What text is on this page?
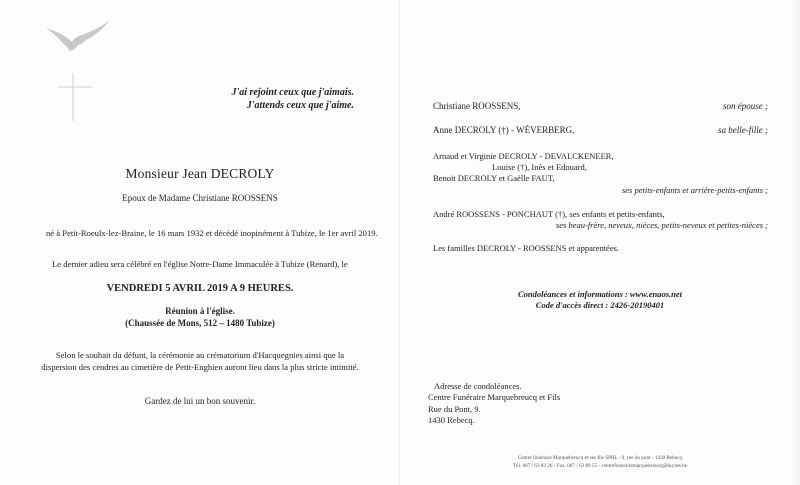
J'ai rejoint ceux que j'aimais.
J'attends ceux que j'aime.
Monsieur Jean DECROLY
Epoux de Madame Christiane ROOSSENS
né à Petit-Roeulx-lez-Braine, le 16 mars 1932 et décédé inopinément à Tubize, le 1er avril 2019.
Le dernier adieu sera célébré en l'église Notre-Dame Immaculée à Tubize (Renard), le
VENDREDI 5 AVRIL 2019 A 9 HEURES.
Réunion à l'église.
(Chaussée de Mons, 512 – 1480 Tubize)
Selon le souhait du défunt, la cérémonie au crématorium d'Hacquegnies ainsi que la
dispersion des cendres au cimetière de Petit-Enghien auront lieu dans la plus stricte intimité.
Gardez de lui un bon souvenir.
Christiane ROOSSENS,	son épouse ;
Anne DECROLY (†) - WÉVERBERG,	sa belle-fille ;
Arnaud et Virginie DECROLY - DEVALCKENEER,
Louise (†), Inès et Edouard,
Benoit DECROLY et Gaëlle FAUT,
ses petits-enfants et arrière-petits-enfants ;
André ROOSSENS - PONCHAUT (†), ses enfants et petits-enfants,
ses beau-frère, neveux, nièces, petits-neveux et petites-nièces ;
Les familles DECROLY - ROOSSENS et apparentées.
Condoléances et informations : www.enaos.net
Code d'accès direct : 2426-20190401
Adresse de condoléances.
Centre Funéraire Marquebreucq et Fils
Rue du Pont, 9.
1430 Rebecq.
Centre funéraire Marquebreucq et ses fils SPRL - 9, rue du pont - 1430 Rebecq
Tél. 067 / 63 83 26 - Fax. 067 / 63 89 55 - centrefunerairemarquebreucq@skynet.be
